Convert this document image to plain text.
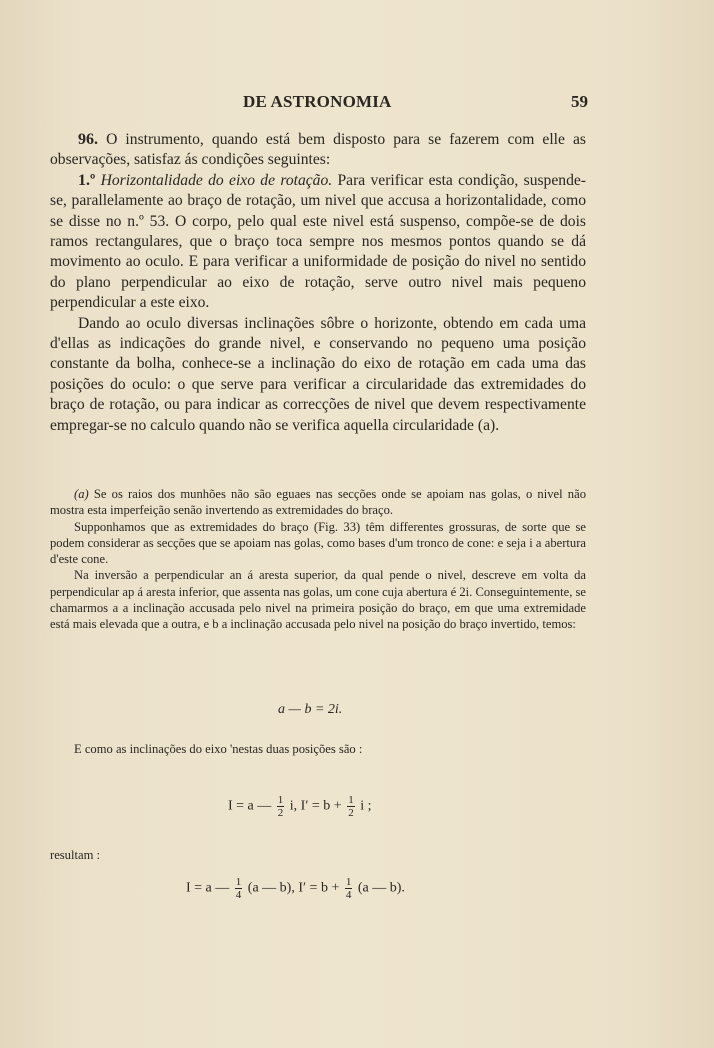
DE ASTRONOMIA	59

96. O instrumento, quando está bem disposto para se fazerem com elle as observações, satisfaz ás condições seguintes:

1.º Horizontalidade do eixo de rotação. Para verificar esta condição, suspende-se, parallelamente ao braço de rotação, um nivel que accusa a horizontalidade, como se disse no n.º 53. O corpo, pelo qual este nivel está suspenso, compõe-se de dois ramos rectangulares, que o braço toca sempre nos mesmos pontos quando se dá movimento ao oculo. E para verificar a uniformidade de posição do nivel no sentido do plano perpendicular ao eixo de rotação, serve outro nivel mais pequeno perpendicular a este eixo.

Dando ao oculo diversas inclinações sôbre o horizonte, obtendo em cada uma d'ellas as indicações do grande nivel, e conservando no pequeno uma posição constante da bolha, conhece-se a inclinação do eixo de rotação em cada uma das posições do oculo: o que serve para verificar a circularidade das extremidades do braço de rotação, ou para indicar as correcções de nivel que devem respectivamente empregar-se no calculo quando não se verifica aquella circularidade (a).

(a) Se os raios dos munhões não são eguaes nas secções onde se apoiam nas golas, o nivel não mostra esta imperfeição senão invertendo as extremidades do braço.

Supponhamos que as extremidades do braço (Fig. 33) têm differentes grossuras, de sorte que se podem considerar as secções que se apoiam nas golas, como bases d'um tronco de cone: e seja i a abertura d'este cone.

Na inversão a perpendicular an á aresta superior, da qual pende o nivel, descreve em volta da perpendicular ap á aresta inferior, que assenta nas golas, um cone cuja abertura é 2i. Conseguintemente, se chamarmos a a inclinação accusada pelo nivel na primeira posição do braço, em que uma extremidade está mais elevada que a outra, e b a inclinação accusada pelo nivel na posição do braço invertido, temos:

a — b = 2i.
E como as inclinações do eixo 'nestas duas posições são :
I = a — $\frac{1}{2} i$, $I' = b + \frac{1}{2}$ i ;
resultam :
I = a — $\frac{1}{4} (a$ — b), $I' = b + \frac{1}{4} (a$ — b).
